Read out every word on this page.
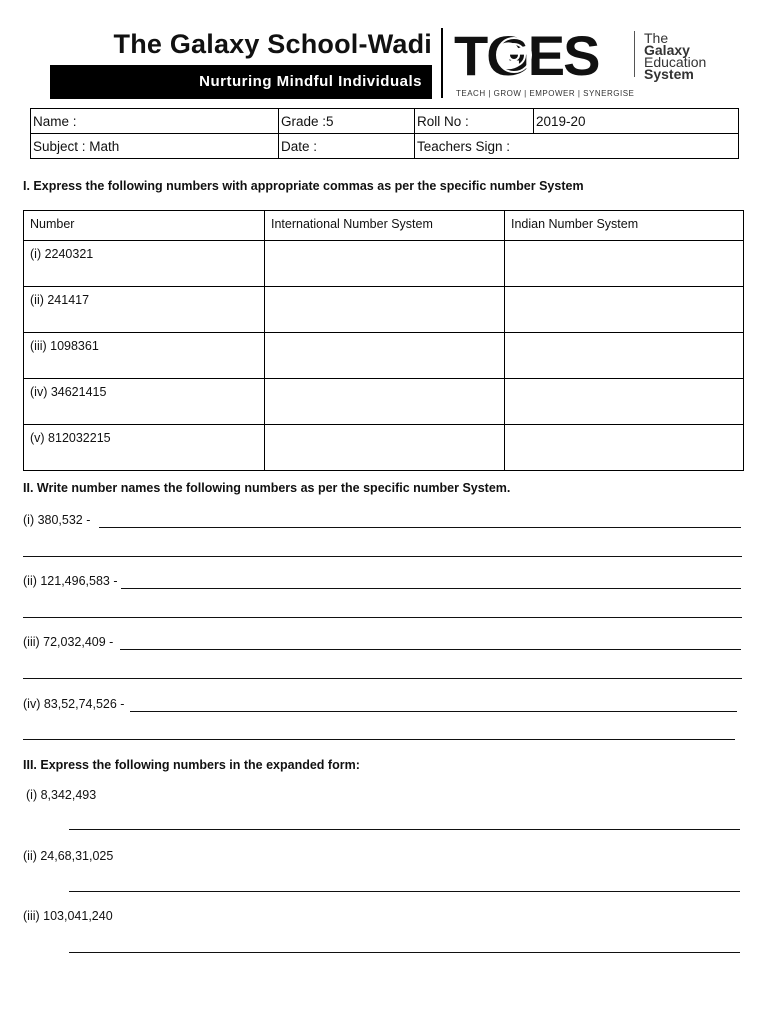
The Galaxy School-Wadi
Nurturing Mindful Individuals TGES	The
Galaxy
Education
System
TEACH | GROW | EMPOWER | SYNERGISE
Name :	Grade :5	Roll No :	2019-20
Subject : Math	Date :	Teachers Sign :	
I. Express the following numbers with appropriate commas as per the specific number System
Number	International Number System	Indian Number System
(i) 2240321		
(ii) 241417		
(iii) 1098361		
(iv) 34621415		
(v) 812032215		
II. Write number names the following numbers as per the specific number System.
(i) 380,532 -
(ii) 121,496,583 -
(iii) 72,032,409 -
(iv) 83,52,74,526 -
III. Express the following numbers in the expanded form:
(i) 8,342,493
(ii) 24,68,31,025
(iii) 103,041,240
